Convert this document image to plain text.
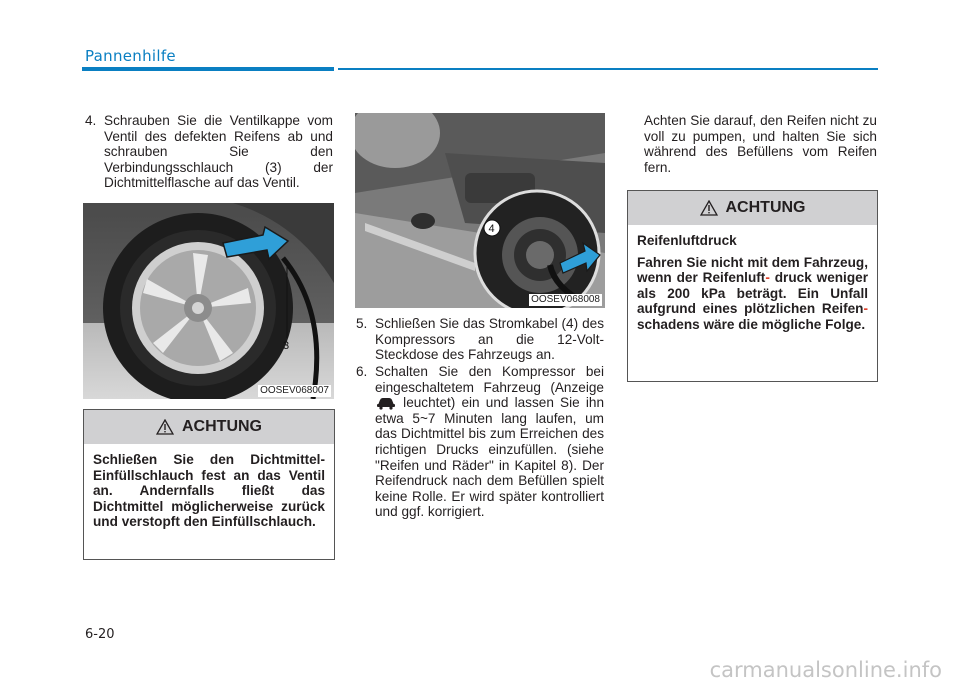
Pannenhilfe
4. Schrauben Sie die Ventilkappe vom Ventil des defekten Reifens ab und schrauben Sie den Verbindungsschlauch (3) der Dichtmittelflasche auf das Ventil.
3
OOSEV068007
ACHTUNG
Schließen Sie den Dichtmittel-Einfüllschlauch fest an das Ventil an. Andernfalls fließt das Dichtmittel möglicherweise zurück und verstopft den Einfüllschlauch.
4
OOSEV068008
5. Schließen Sie das Stromkabel (4) des Kompressors an die 12-Volt-Steckdose des Fahrzeugs an.
6. Schalten Sie den Kompressor bei eingeschaltetem Fahrzeug (Anzeige  leuchtet) ein und lassen Sie ihn etwa 5~7 Minuten lang laufen, um das Dichtmittel bis zum Erreichen des richtigen Drucks einzufüllen. (siehe "Reifen und Räder" in Kapitel 8). Der Reifendruck nach dem Befüllen spielt keine Rolle. Er wird später kontrolliert und ggf. korrigiert.
Achten Sie darauf, den Reifen nicht zu voll zu pumpen, und halten Sie sich während des Befüllens vom Reifen fern.
ACHTUNG
Reifenluftdruck
Fahren Sie nicht mit dem Fahrzeug, wenn der Reifenluft- druck weniger als 200 kPa beträgt. Ein Unfall aufgrund eines plötzlichen Reifen- schadens wäre die mögliche Folge.
6-20
carmanualsonline.info
